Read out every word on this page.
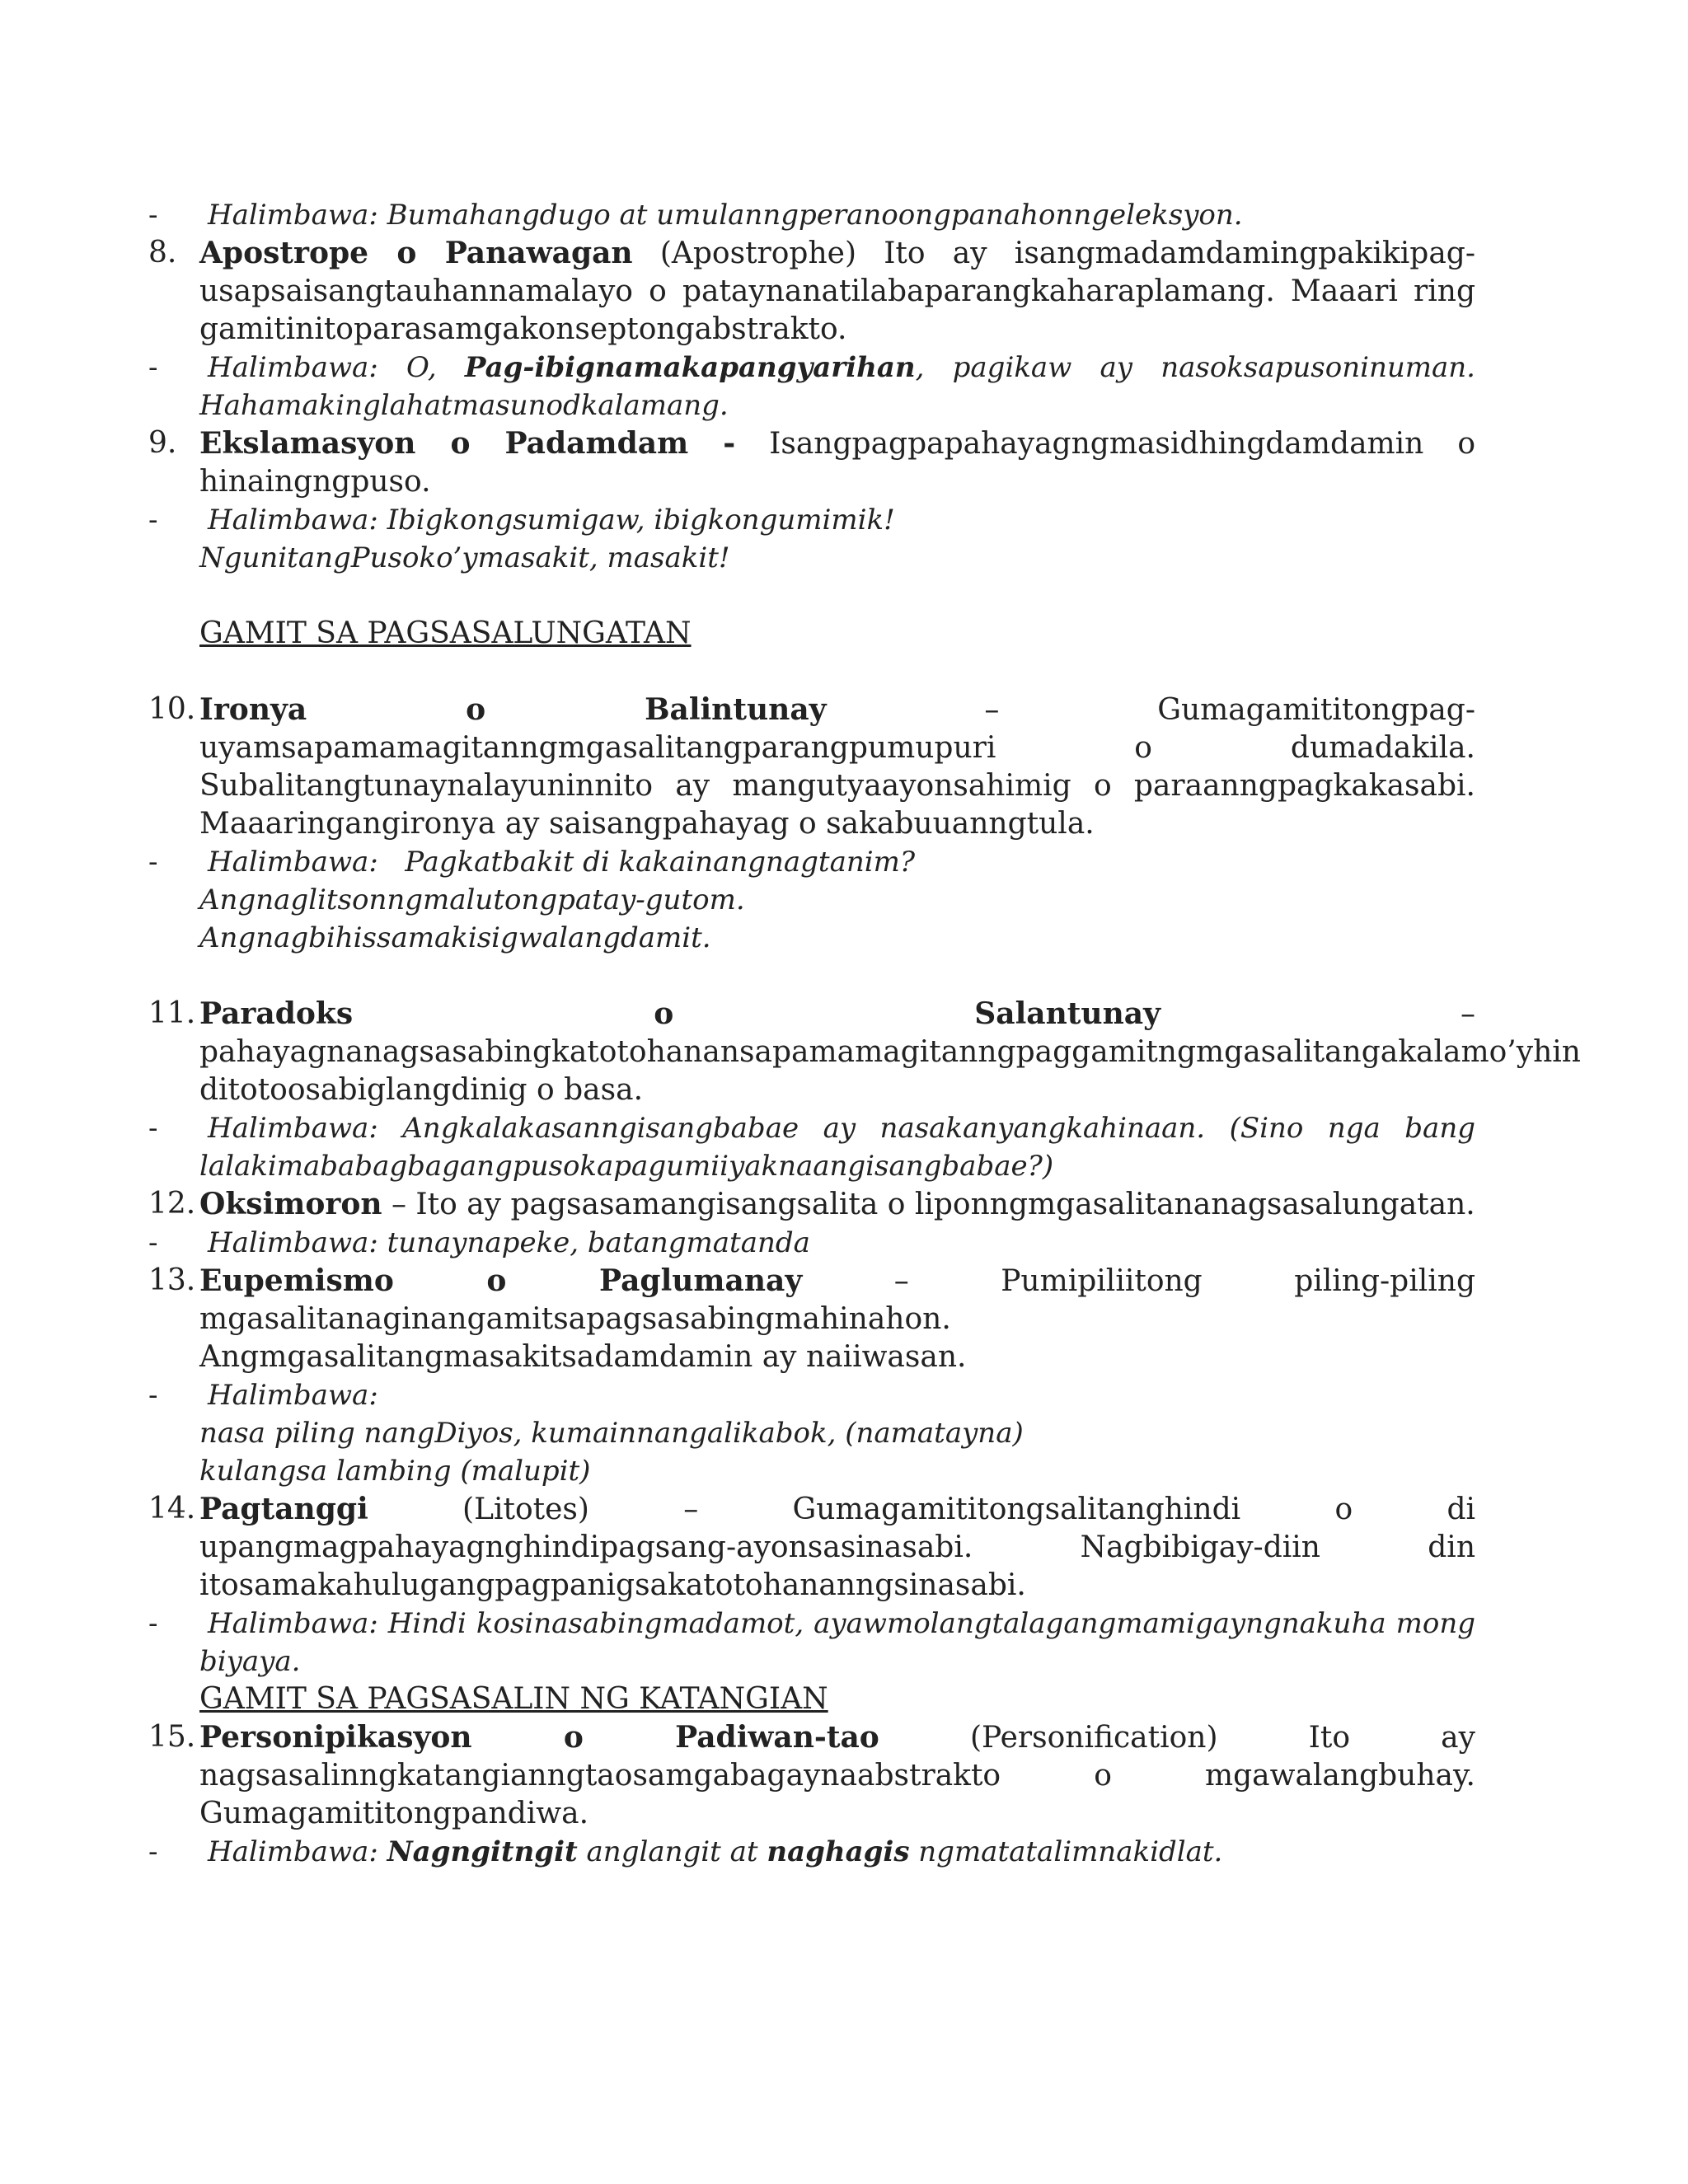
- Halimbawa: Bumahangdugo at umulanngperanoongpanahonngeleksyon.
8. Apostrope o Panawagan (Apostrophe) Ito ay isangmadamdamingpakikipag-usapsaisangtauhannamalayo o pataynanatilabaparangkaharaplamang. Maaari ring gamitinitoparasamgakonseptongabstrakto.
- Halimbawa: O, Pag-ibignamakapangyarihan, pagikaw ay nasoksapusoninuman. Hahamakinglahatmasunodkalamang.
9. Ekslamasyon o Padamdam - Isangpagpapahayagngmasidhingdamdamin o hinaingngpuso.
- Halimbawa: Ibigkongsumigaw, ibigkongumimik!
NgunitangPusoko’ymasakit, masakit!
GAMIT SA PAGSASALUNGATAN
10. Ironya o Balintunay – Gumagamititongpag-uyamsapamamagitanngmgasalitangparangpumupuri o dumadakila. Subalitangtunaynalayuninnito ay mangutyaayonsahimig o paraanngpagkakasabi. Maaaringangironya ay saisangpahayag o sakabuuanngtula.
- Halimbawa:   Pagkatbakit di kakainangnagtanim?
Angnaglitsonngmalutongpatay-gutom.
Angnagbihissamakisigwalangdamit.
11. Paradoks o Salantunay – pahayagnanagsasabingkatotohanansapamamagitanngpaggamitngmgasalitangakalamo’yhin ditotoosabiglangdinig o basa.
- Halimbawa: Angkalakasanngisangbabae ay nasakanyangkahinaan. (Sino nga bang lalakimababagbagangpusokapagumiiyaknaangisangbabae?)
12. Oksimoron – Ito ay pagsasamangisangsalita o liponngmgasalitananagsasalungatan.
- Halimbawa: tunaynapeke, batangmatanda
13. Eupemismo o Paglumanay – Pumipiliitong piling-piling mgasalitanaginangamitsapagsasabingmahinahon. Angmgasalitangmasakitsadamdamin ay naiiwasan.
- Halimbawa:
nasa piling nangDiyos, kumainnangalikabok, (namatayna)
kulangsa lambing (malupit)
14. Pagtanggi (Litotes) – Gumagamititongsalitanghindi o di upangmagpahayagnghindipagsang-ayonsasinasabi. Nagbibigay-diin din itosamakahulugangpagpanigsakatotohananngsinasabi.
- Halimbawa: Hindi kosinasabingmadamot, ayawmolangtalagangmamigayngnakuha mong biyaya.
GAMIT SA PAGSASALIN NG KATANGIAN
15. Personipikasyon o Padiwan-tao (Personification) Ito ay nagsasalinngkatangianngtaosamgabagaynaabstrakto o mgawalangbuhay. Gumagamititongpandiwa.
- Halimbawa: Nagngitngit anglangit at naghagis ngmatatalimnakidlat.
